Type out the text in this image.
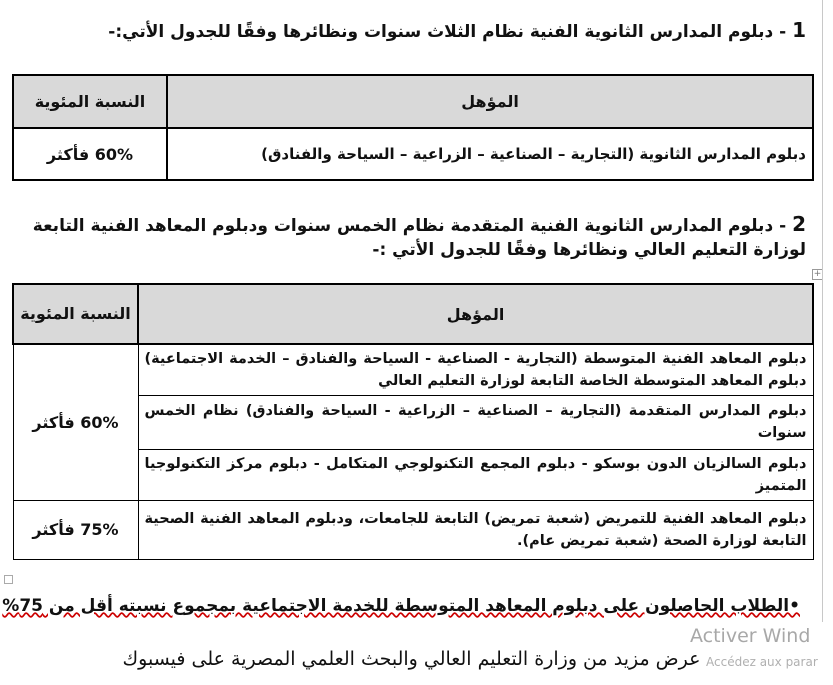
1 - دبلوم المدارس الثانوية الفنية نظام الثلاث سنوات ونظائرها وفقًا للجدول الأتي:-
المؤهل	النسبة المئوية
دبلوم المدارس الثانوية (التجارية – الصناعية – الزراعية – السياحة والفنادق)	60% فأكثر
2 - دبلوم المدارس الثانوية الفنية المتقدمة نظام الخمس سنوات ودبلوم المعاهد الفنية التابعة
لوزارة التعليم العالي ونظائرها وفقًا للجدول الأتي :-
+
المؤهل	النسبة المئوية
دبلوم المعاهد الفنية المتوسطة (التجارية - الصناعية - السياحة والفنادق – الخدمة الاجتماعية) دبلوم المعاهد المتوسطة الخاصة التابعة لوزارة التعليم العالي	60% فأكثر
دبلوم المدارس المتقدمة (التجارية – الصناعية – الزراعية - السياحة والفنادق) نظام الخمس سنوات	
دبلوم السالزيان الدون بوسكو - دبلوم المجمع التكنولوجي المتكامل - دبلوم مركز التكنولوجيا المتميز	
دبلوم المعاهد الفنية للتمريض (شعبة تمريض) التابعة للجامعات، ودبلوم المعاهد الفنية الصحية التابعة لوزارة الصحة (شعبة تمريض عام).	75% فأكثر
•الطلاب الحاصلون على دبلوم المعاهد المتوسطة للخدمة الاجتماعية بمجموع نسبته أقل من 75%
Activer Wind
Accédez aux parar
عرض مزيد من وزارة التعليم العالي والبحث العلمي المصرية على فيسبوك
